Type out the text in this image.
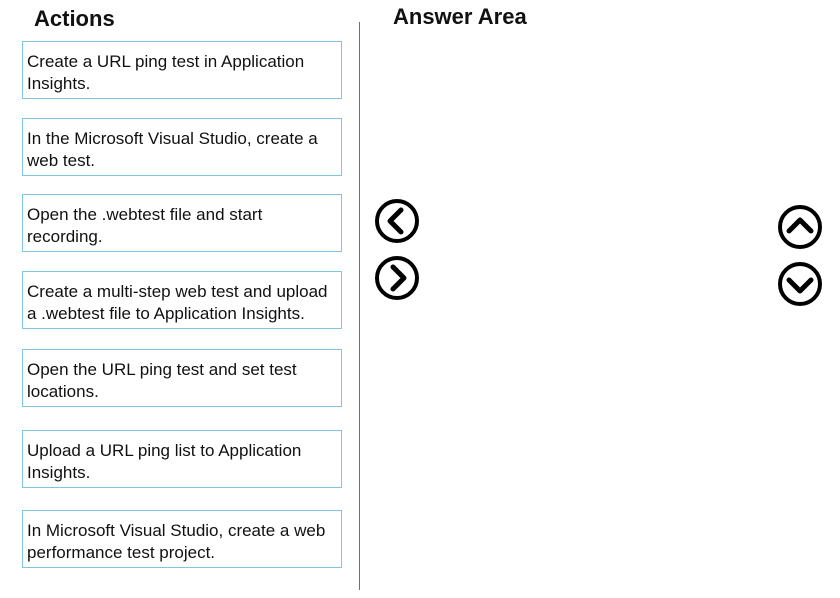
Actions	Answer Area
Create a URL ping test in Application Insights.
In the Microsoft Visual Studio, create a web test.
Open the .webtest file and start recording.
Create a multi-step web test and upload a .webtest file to Application Insights.
Open the URL ping test and set test locations.
Upload a URL ping list to Application Insights.
In Microsoft Visual Studio, create a web performance test project.
